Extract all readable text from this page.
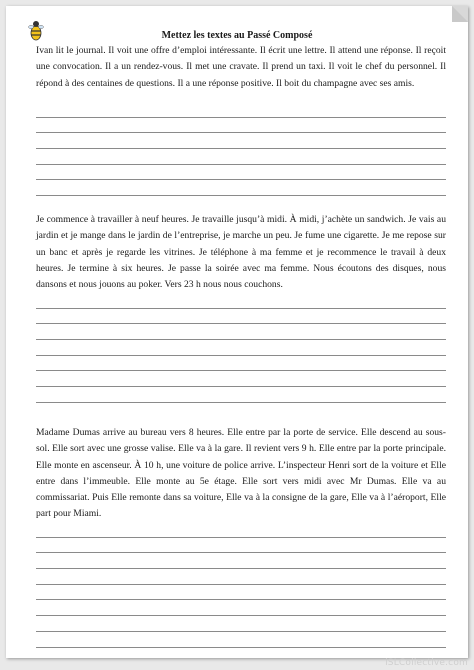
Mettez les textes au Passé Composé

Ivan lit le journal. Il voit une offre d’emploi intéressante. Il écrit une lettre. Il attend une réponse. Il reçoit une convocation. Il a un rendez-vous. Il met une cravate. Il prend un taxi. Il voit le chef du personnel. Il répond à des centaines de questions. Il a une réponse positive. Il boit du champagne avec ses amis.

Je commence à travailler à neuf heures. Je travaille jusqu’à midi. À midi, j’achète un sandwich. Je vais au jardin et je mange dans le jardin de l’entreprise, je marche un peu. Je fume une cigarette. Je me repose sur un banc et après je regarde les vitrines. Je téléphone à ma femme et je recommence le travail à deux heures. Je termine à six heures. Je passe la soirée avec ma femme. Nous écoutons des disques, nous dansons et nous jouons au poker. Vers 23 h nous nous couchons.

Madame Dumas arrive au bureau vers 8 heures. Elle entre par la porte de service. Elle descend au sous-sol. Elle sort avec une grosse valise. Elle va à la gare. Il revient vers 9 h. Elle entre par la porte principale. Elle monte en ascenseur. À 10 h, une voiture de police arrive. L’inspecteur Henri sort de la voiture et Elle entre dans l’immeuble. Elle monte au 5e étage. Elle sort vers midi avec Mr Dumas. Elle va au commissariat. Puis Elle remonte dans sa voiture, Elle va à la consigne de la gare, Elle va à l’aéroport, Elle part pour Miami.

iSLCollective.com
